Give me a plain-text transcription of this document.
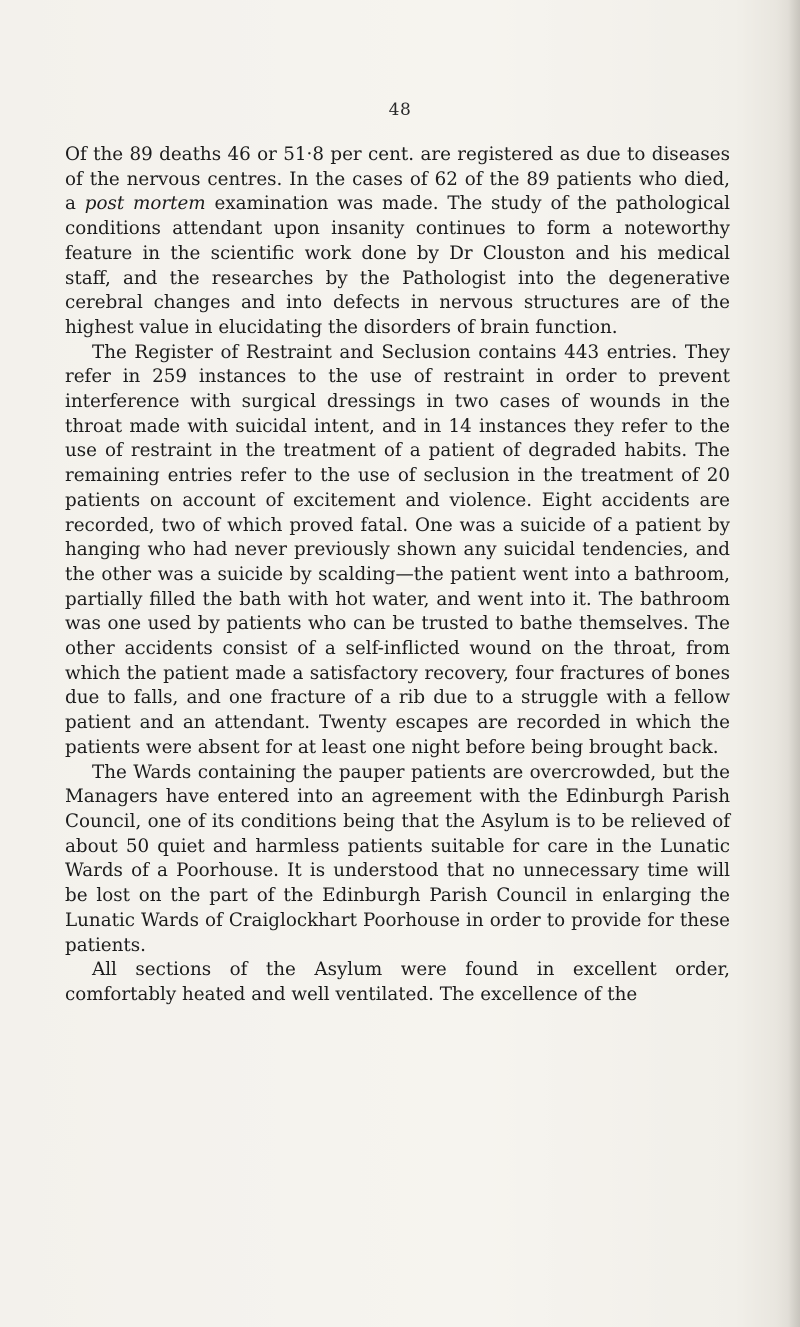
48

Of the 89 deaths 46 or 51·8 per cent. are registered as due to diseases of the nervous centres. In the cases of 62 of the 89 patients who died, a post mortem examination was made. The study of the pathological conditions attendant upon insanity continues to form a noteworthy feature in the scientific work done by Dr Clouston and his medical staff, and the researches by the Pathologist into the degenerative cerebral changes and into defects in nervous structures are of the highest value in elucidating the disorders of brain function.

The Register of Restraint and Seclusion contains 443 entries. They refer in 259 instances to the use of restraint in order to prevent interference with surgical dressings in two cases of wounds in the throat made with suicidal intent, and in 14 instances they refer to the use of restraint in the treatment of a patient of degraded habits. The remaining entries refer to the use of seclusion in the treatment of 20 patients on account of excitement and violence. Eight accidents are recorded, two of which proved fatal. One was a suicide of a patient by hanging who had never previously shown any suicidal tendencies, and the other was a suicide by scalding—the patient went into a bathroom, partially filled the bath with hot water, and went into it. The bathroom was one used by patients who can be trusted to bathe themselves. The other accidents consist of a self-inflicted wound on the throat, from which the patient made a satisfactory recovery, four fractures of bones due to falls, and one fracture of a rib due to a struggle with a fellow patient and an attendant. Twenty escapes are recorded in which the patients were absent for at least one night before being brought back.

The Wards containing the pauper patients are overcrowded, but the Managers have entered into an agreement with the Edinburgh Parish Council, one of its conditions being that the Asylum is to be relieved of about 50 quiet and harmless patients suitable for care in the Lunatic Wards of a Poorhouse. It is understood that no unnecessary time will be lost on the part of the Edinburgh Parish Council in enlarging the Lunatic Wards of Craiglockhart Poorhouse in order to provide for these patients.

All sections of the Asylum were found in excellent order, comfortably heated and well ventilated. The excellence of the
